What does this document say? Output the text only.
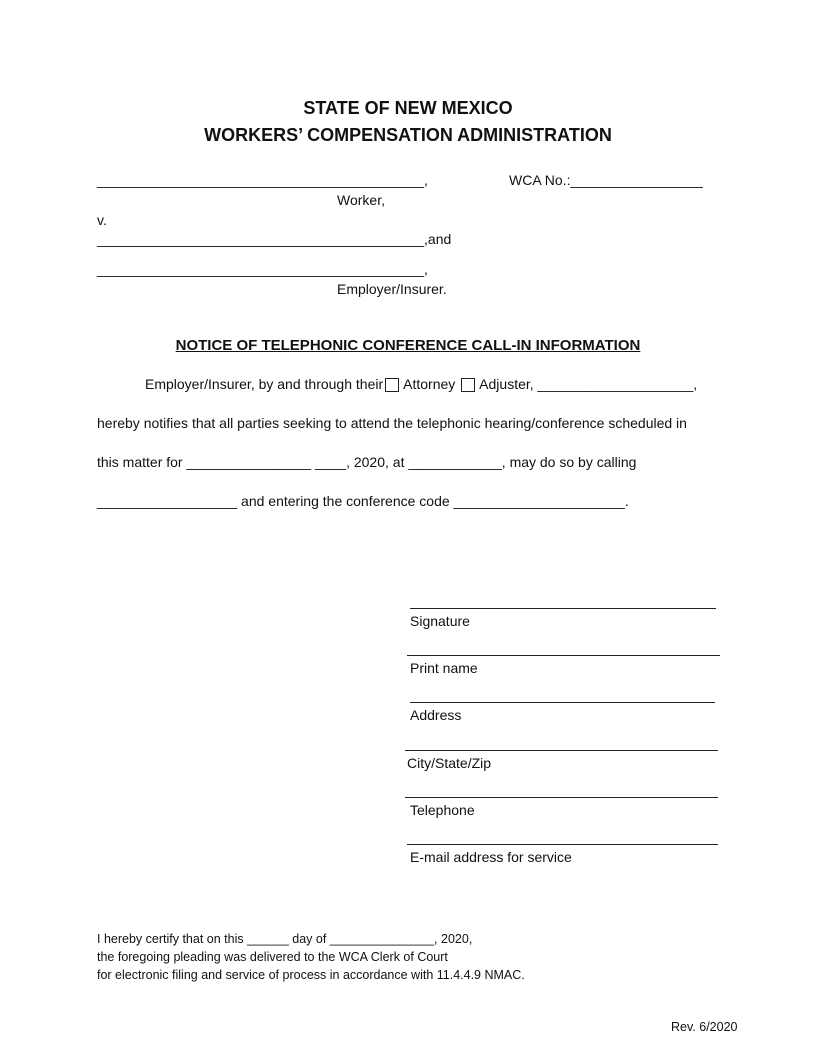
STATE OF NEW MEXICO
WORKERS’ COMPENSATION ADMINISTRATION
__________________________________________,	WCA No.:_________________
Worker,
v.
__________________________________________,and
__________________________________________,
Employer/Insurer.
NOTICE OF TELEPHONIC CONFERENCE CALL-IN INFORMATION
Employer/Insurer, by and through their Attorney Adjuster, ____________________,
hereby notifies that all parties seeking to attend the telephonic hearing/conference scheduled in
this matter for ________________ ____, 2020, at ____________, may do so by calling
__________________ and entering the conference code ______________________.
Signature
Print name
Address
City/State/Zip
Telephone
E-mail address for service
I hereby certify that on this ______ day of _______________, 2020,
the foregoing pleading was delivered to the WCA Clerk of Court
for electronic filing and service of process in accordance with 11.4.4.9 NMAC.
Rev. 6/2020
